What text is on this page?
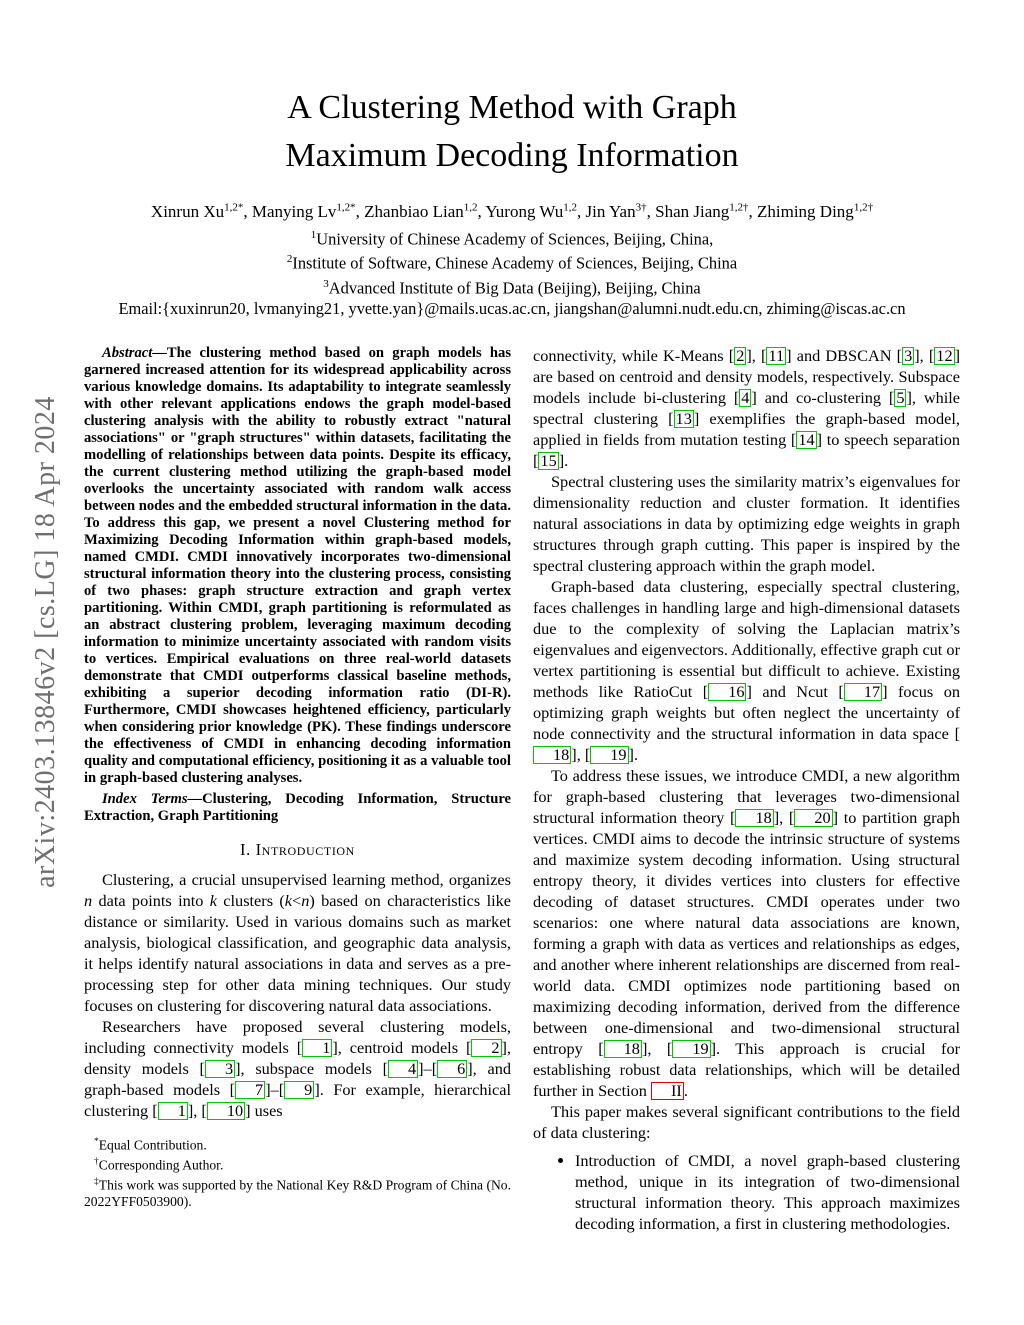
arXiv:2403.13846v2 [cs.LG] 18 Apr 2024
A Clustering Method with Graph
Maximum Decoding Information
Xinrun $Xu^{1,2*}$, Manying $Lv^{1,2*}$, Zhanbiao Lian$^{1,2}$, Yurong Wu$^{1,2}$, Jin Yan$^{3\dagger}$, Shan Jiang$^{1,2\dagger}$, Zhiming Ding$^{1,2\dagger}$
$^1$University of Chinese Academy of Sciences, Beijing, China,
$^2$Institute of Software, Chinese Academy of Sciences, Beijing, China
$^3$Advanced Institute of Big Data (Beijing), Beijing, China
Email:{xuxinrun20, lvmanying21, yvette.yan}@mails.ucas.ac.cn, jiangshan@alumni.nudt.edu.cn, zhiming@iscas.ac.cn

Abstract—The clustering method based on graph models has garnered increased attention for its widespread applicability across various knowledge domains. Its adaptability to integrate seamlessly with other relevant applications endows the graph model-based clustering analysis with the ability to robustly extract "natural associations" or "graph structures" within datasets, facilitating the modelling of relationships between data points. Despite its efficacy, the current clustering method utilizing the graph-based model overlooks the uncertainty associated with random walk access between nodes and the embedded structural information in the data. To address this gap, we present a novel Clustering method for Maximizing Decoding Information within graph-based models, named CMDI. CMDI innovatively incorporates two-dimensional structural information theory into the clustering process, consisting of two phases: graph structure extraction and graph vertex partitioning. Within CMDI, graph partitioning is reformulated as an abstract clustering problem, leveraging maximum decoding information to minimize uncertainty associated with random visits to vertices. Empirical evaluations on three real-world datasets demonstrate that CMDI outperforms classical baseline methods, exhibiting a superior decoding information ratio (DI-R). Furthermore, CMDI showcases heightened efficiency, particularly when considering prior knowledge (PK). These findings underscore the effectiveness of CMDI in enhancing decoding information quality and computational efficiency, positioning it as a valuable tool in graph-based clustering analyses.

Index Terms—Clustering, Decoding Information, Structure Extraction, Graph Partitioning

I. Introduction

Clustering, a crucial unsupervised learning method, organizes n data points into k clusters (k<n) based on characteristics like distance or similarity. Used in various domains such as market analysis, biological classification, and geographic data analysis, it helps identify natural associations in data and serves as a pre-processing step for other data mining techniques. Our study focuses on clustering for discovering natural data associations.

Researchers have proposed several clustering models, including connectivity models [ 1 ], centroid models [ 2 ], density models [ 3 ], subspace models [ 4 ]–[ 6 ], and graph-based models [ 7 ]–[ 9 ]. For example, hierarchical clustering [ 1 ], [ 10 ] uses

connectivity, while K-Means [ 2 ], [ 11 ] and DBSCAN [ 3 ], [ 12 ] are based on centroid and density models, respectively. Subspace models include bi-clustering [ 4 ] and co-clustering [ 5 ], while spectral clustering [ 13 ] exemplifies the graph-based model, applied in fields from mutation testing [ 14 ] to speech separation [ 15 ].

Spectral clustering uses the similarity matrix’s eigenvalues for dimensionality reduction and cluster formation. It identifies natural associations in data by optimizing edge weights in graph structures through graph cutting. This paper is inspired by the spectral clustering approach within the graph model.

Graph-based data clustering, especially spectral clustering, faces challenges in handling large and high-dimensional datasets due to the complexity of solving the Laplacian matrix’s eigenvalues and eigenvectors. Additionally, effective graph cut or vertex partitioning is essential but difficult to achieve. Existing methods like RatioCut [ 16 ] and Ncut [ 17 ] focus on optimizing graph weights but often neglect the uncertainty of node connectivity and the structural information in data space [18 ], [ 19 ].

To address these issues, we introduce CMDI, a new algorithm for graph-based clustering that leverages two-dimensional structural information theory [ 18 ], [ 20 ] to partition graph vertices. CMDI aims to decode the intrinsic structure of systems and maximize system decoding information. Using structural entropy theory, it divides vertices into clusters for effective decoding of dataset structures. CMDI operates under two scenarios: one where natural data associations are known, forming a graph with data as vertices and relationships as edges, and another where inherent relationships are discerned from real-world data. CMDI optimizes node partitioning based on maximizing decoding information, derived from the difference between one-dimensional and two-dimensional structural entropy [ 18 ], [ 19 ]. This approach is crucial for establishing robust data relationships, which will be detailed further in Section II .

This paper makes several significant contributions to the field of data clustering:

• Introduction of CMDI, a novel graph-based clustering method, unique in its integration of two-dimensional structural information theory. This approach maximizes decoding information, a first in clustering methodologies.

*Equal Contribution.

†Corresponding Author.

‡This work was supported by the National Key R&D Program of China (No. 2022YFF0503900).
